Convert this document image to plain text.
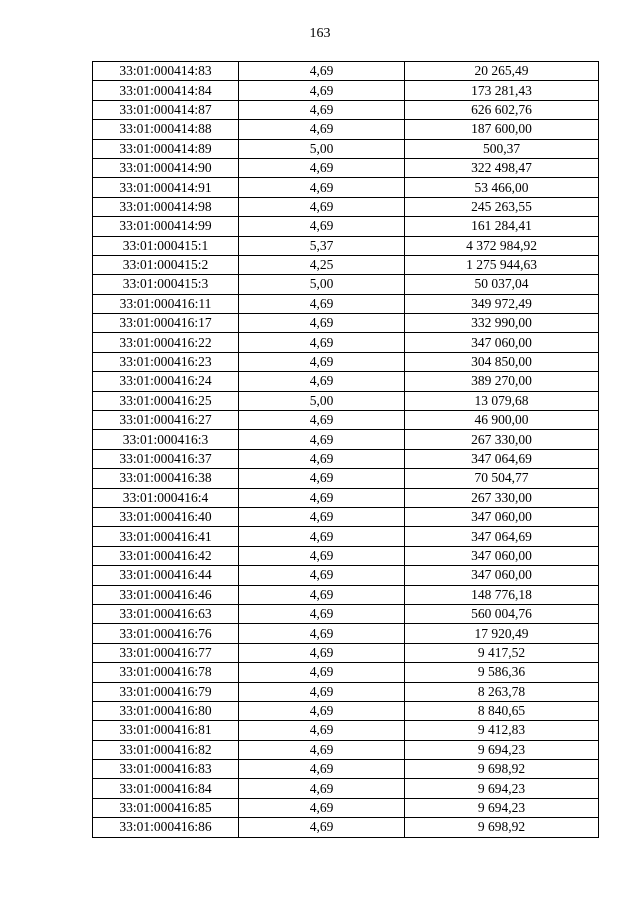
163
33:01:000414:83	4,69	20 265,49
33:01:000414:84	4,69	173 281,43
33:01:000414:87	4,69	626 602,76
33:01:000414:88	4,69	187 600,00
33:01:000414:89	5,00	500,37
33:01:000414:90	4,69	322 498,47
33:01:000414:91	4,69	53 466,00
33:01:000414:98	4,69	245 263,55
33:01:000414:99	4,69	161 284,41
33:01:000415:1	5,37	4 372 984,92
33:01:000415:2	4,25	1 275 944,63
33:01:000415:3	5,00	50 037,04
33:01:000416:11	4,69	349 972,49
33:01:000416:17	4,69	332 990,00
33:01:000416:22	4,69	347 060,00
33:01:000416:23	4,69	304 850,00
33:01:000416:24	4,69	389 270,00
33:01:000416:25	5,00	13 079,68
33:01:000416:27	4,69	46 900,00
33:01:000416:3	4,69	267 330,00
33:01:000416:37	4,69	347 064,69
33:01:000416:38	4,69	70 504,77
33:01:000416:4	4,69	267 330,00
33:01:000416:40	4,69	347 060,00
33:01:000416:41	4,69	347 064,69
33:01:000416:42	4,69	347 060,00
33:01:000416:44	4,69	347 060,00
33:01:000416:46	4,69	148 776,18
33:01:000416:63	4,69	560 004,76
33:01:000416:76	4,69	17 920,49
33:01:000416:77	4,69	9 417,52
33:01:000416:78	4,69	9 586,36
33:01:000416:79	4,69	8 263,78
33:01:000416:80	4,69	8 840,65
33:01:000416:81	4,69	9 412,83
33:01:000416:82	4,69	9 694,23
33:01:000416:83	4,69	9 698,92
33:01:000416:84	4,69	9 694,23
33:01:000416:85	4,69	9 694,23
33:01:000416:86	4,69	9 698,92
